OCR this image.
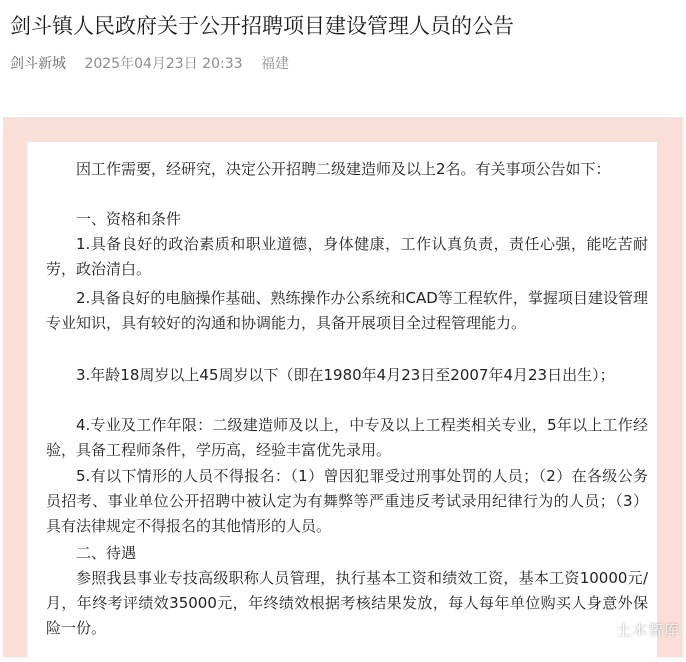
剑斗镇人民政府关于公开招聘项目建设管理人员的公告
剑斗新城 2025年04月23日 20:33 福建
因工作需要，经研究，决定公开招聘二级建造师及以上2名。有关事项公告如下：
一、资格和条件
1.具备良好的政治素质和职业道德，身体健康，工作认真负责，责任心强，能吃苦耐劳，政治清白。
2.具备良好的电脑操作基础、熟练操作办公系统和CAD等工程软件，掌握项目建设管理专业知识，具有较好的沟通和协调能力，具备开展项目全过程管理能力。
3.年龄18周岁以上45周岁以下（即在1980年4月23日至2007年4月23日出生）；
4.专业及工作年限：二级建造师及以上，中专及以上工程类相关专业，5年以上工作经验，具备工程师条件，学历高，经验丰富优先录用。
5.有以下情形的人员不得报名：（1）曾因犯罪受过刑事处罚的人员；（2）在各级公务员招考、事业单位公开招聘中被认定为有舞弊等严重违反考试录用纪律行为的人员；（3）具有法律规定不得报名的其他情形的人员。
二、待遇
参照我县事业专技高级职称人员管理，执行基本工资和绩效工资，基本工资10000元/月，年终考评绩效35000元，年终绩效根据考核结果发放，每人每年单位购买人身意外保险一份。	土木智库
